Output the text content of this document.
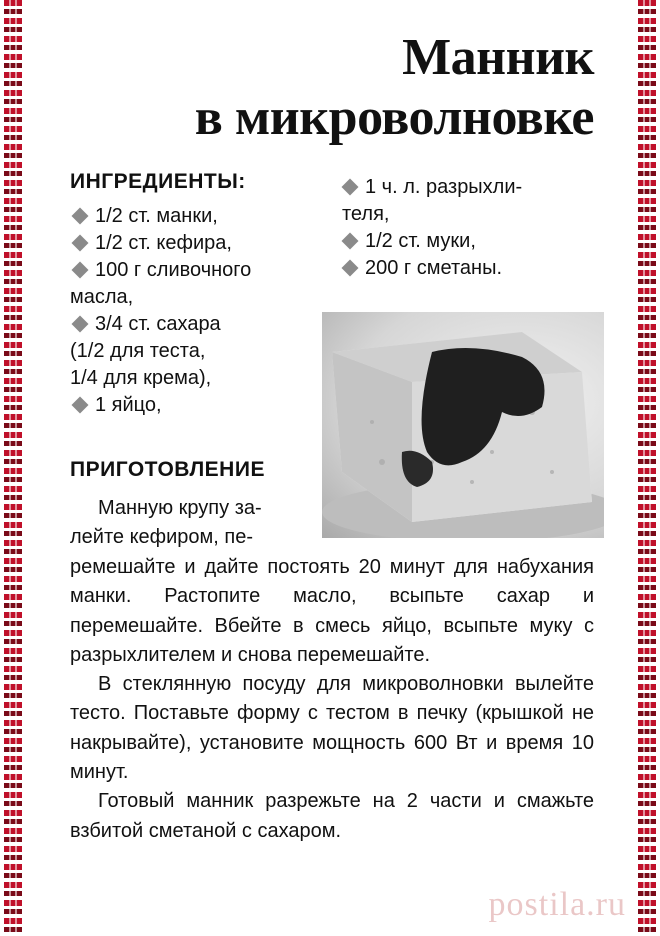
Манник
в микроволновке
ИНГРЕДИЕНТЫ:
1/2 ст. манки,
1/2 ст. кефира,
100 г сливочного
масла,
3/4 ст. сахара
(1/2 для теста,
1/4 для крема),
1 яйцо,
1 ч. л. разрыхли-
теля,
1/2 ст. муки,
200 г сметаны.
ПРИГОТОВЛЕНИЕ
Манную крупу за-
лейте кефиром, пе-
ремешайте и дайте постоять 20 минут для набухания манки. Растопите масло, всыпьте сахар и перемешайте. Вбейте в смесь яйцо, всыпьте муку с разрыхлителем и снова перемешайте.

В стеклянную посуду для микроволновки вылейте тесто. Поставьте форму с тестом в печку (крышкой не накрывайте), установите мощность 600 Вт и время 10 минут.

Готовый манник разрежьте на 2 части и смажьте взбитой сметаной с сахаром.

postila.ru
